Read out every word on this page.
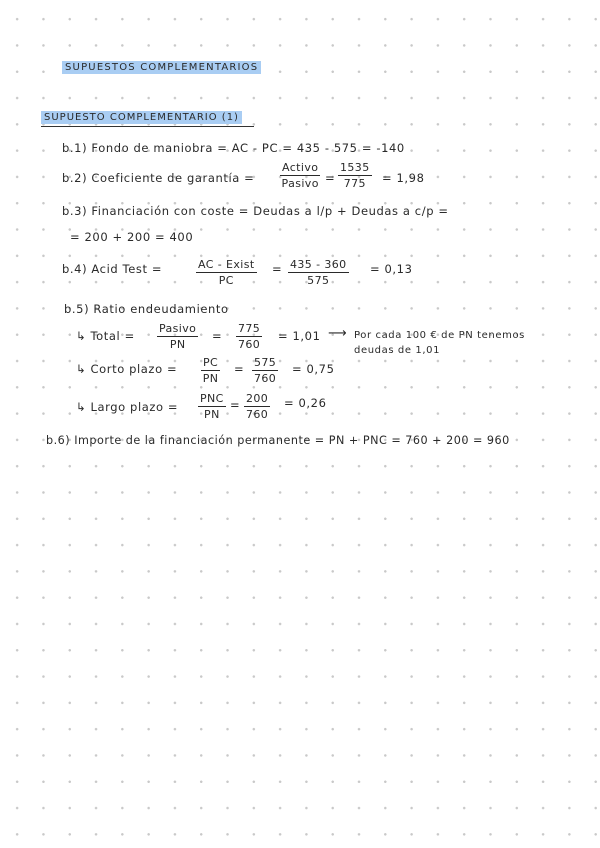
SUPUESTOS COMPLEMENTARIOS
SUPUESTO COMPLEMENTARIO (1)
b.1) Fondo de maniobra = AC - PC = 435 - 575 = -140
b.2) Coeficiente de garantía =
Activo
Pasivo = $\frac{1535}{775} = 1,98$
b.3) Financiación con coste = Deudas a l/p + Deudas a c/p =
= 200 + 200 = 400
b.4) Acid Test =	AC - Exist
PC
= $\frac{435 - 360}{575} = 0,13$
b.5) Ratio endeudamiento
↳ Total =
Pasivo
PN
= $\frac{775}{760} = 1,01$ ⟶ Por cada 100 € de PN tenemos
deudas de 1,01
↳ Corto plazo = $\frac{PC}{PN} = \frac{575}{760} = 0,75$
↳ Largo plazo =
PNC
PN
= $\frac{200}{760} = 0,26$
b.6) Importe de la financiación permanente = PN + PNC = 760 + 200 = 960
